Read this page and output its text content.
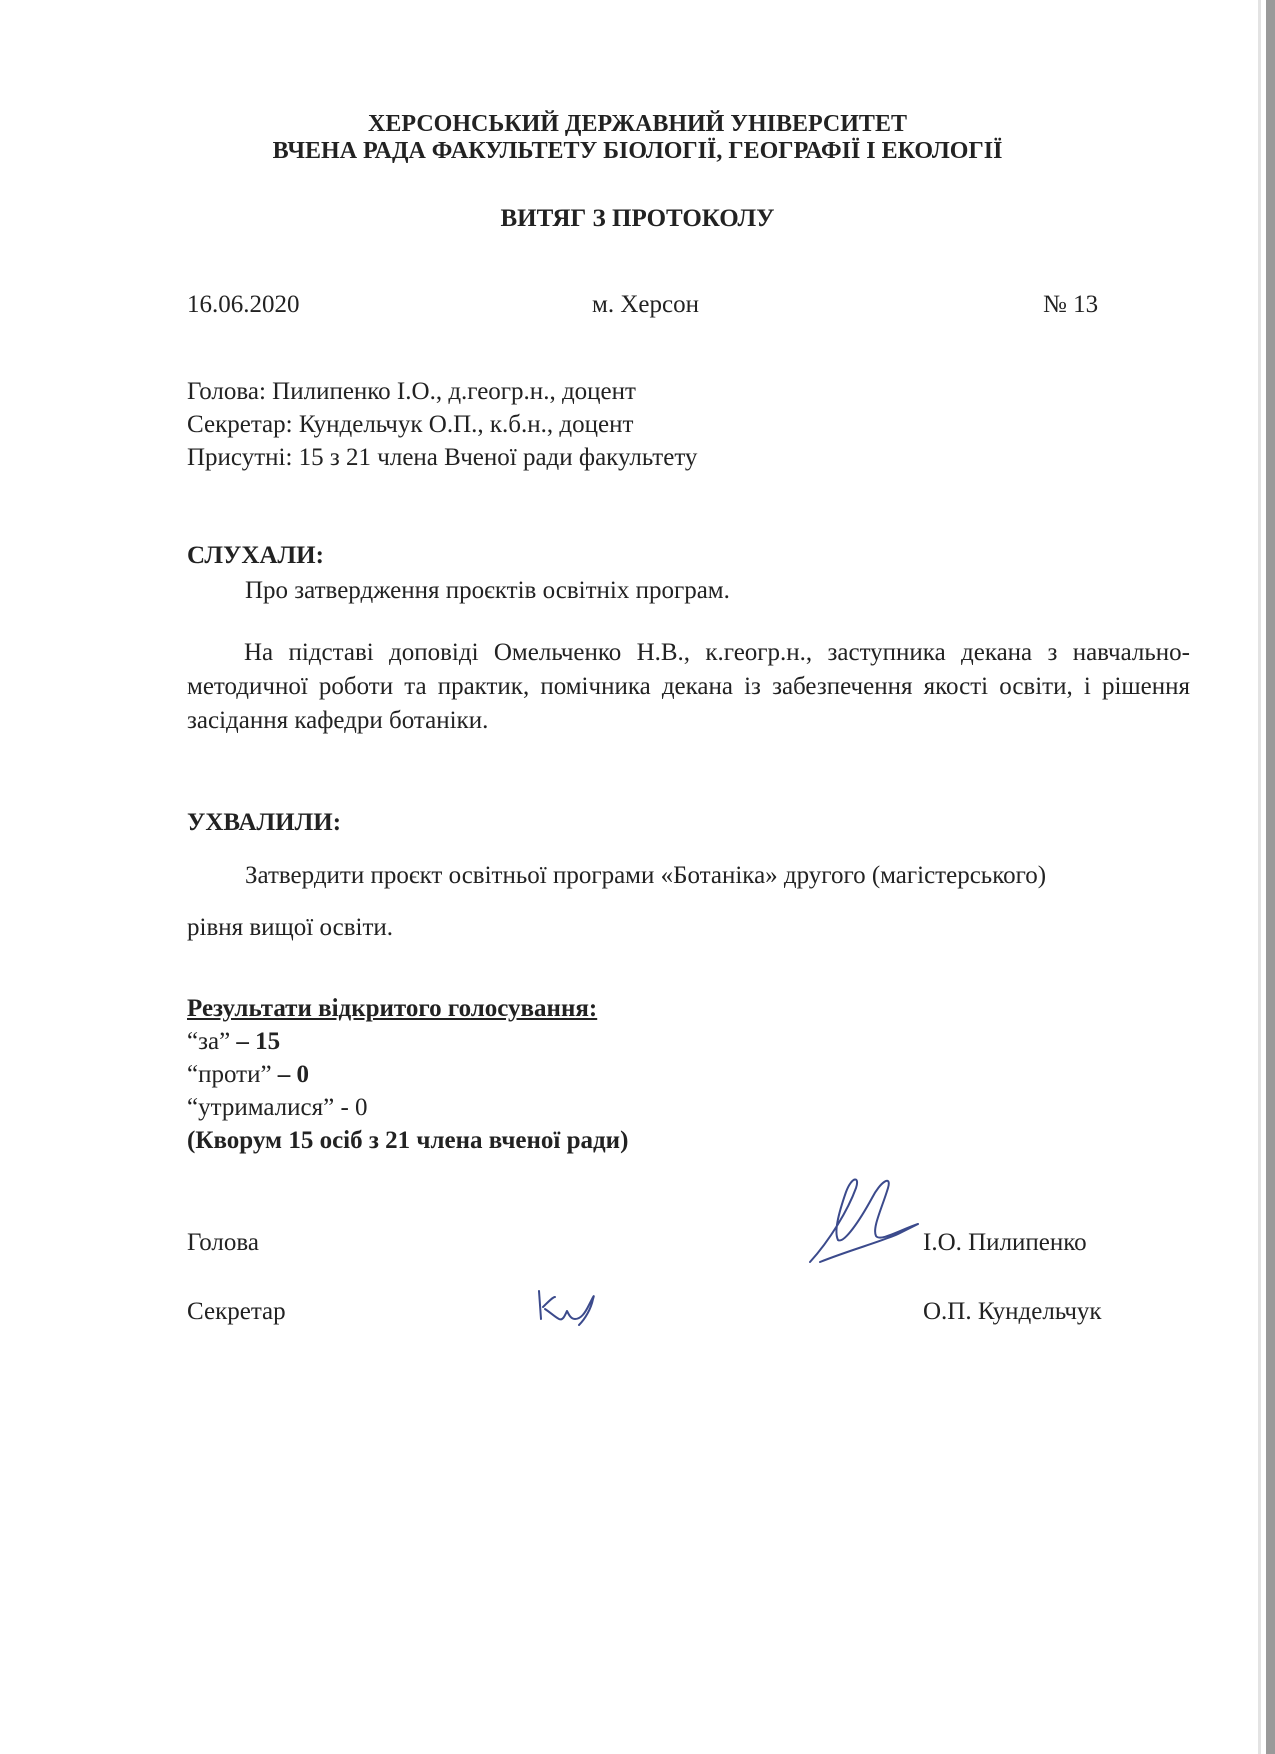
ХЕРСОНСЬКИЙ ДЕРЖАВНИЙ УНІВЕРСИТЕТ
ВЧЕНА РАДА ФАКУЛЬТЕТУ БІОЛОГІЇ, ГЕОГРАФІЇ І ЕКОЛОГІЇ
ВИТЯГ З ПРОТОКОЛУ
16.06.2020	м. Херсон	№ 13
Голова: Пилипенко І.О., д.геогр.н., доцент
Секретар: Кундельчук О.П., к.б.н., доцент
Присутні: 15 з 21 члена Вченої ради факультету
СЛУХАЛИ:
Про затвердження проєктів освітніх програм.
На підставі доповіді Омельченко Н.В., к.геогр.н., заступника декана з навчально-методичної роботи та практик, помічника декана із забезпечення якості освіти, і рішення засідання кафедри ботаніки.
УХВАЛИЛИ:
Затвердити проєкт освітньої програми «Ботаніка» другого (магістерського)
рівня вищої освіти.
Результати відкритого голосування:
“за” – 15
“проти” – 0
“утрималися” - 0
(Кворум 15 осіб з 21 члена вченої ради)
Голова	І.О. Пилипенко
Секретар	О.П. Кундельчук
